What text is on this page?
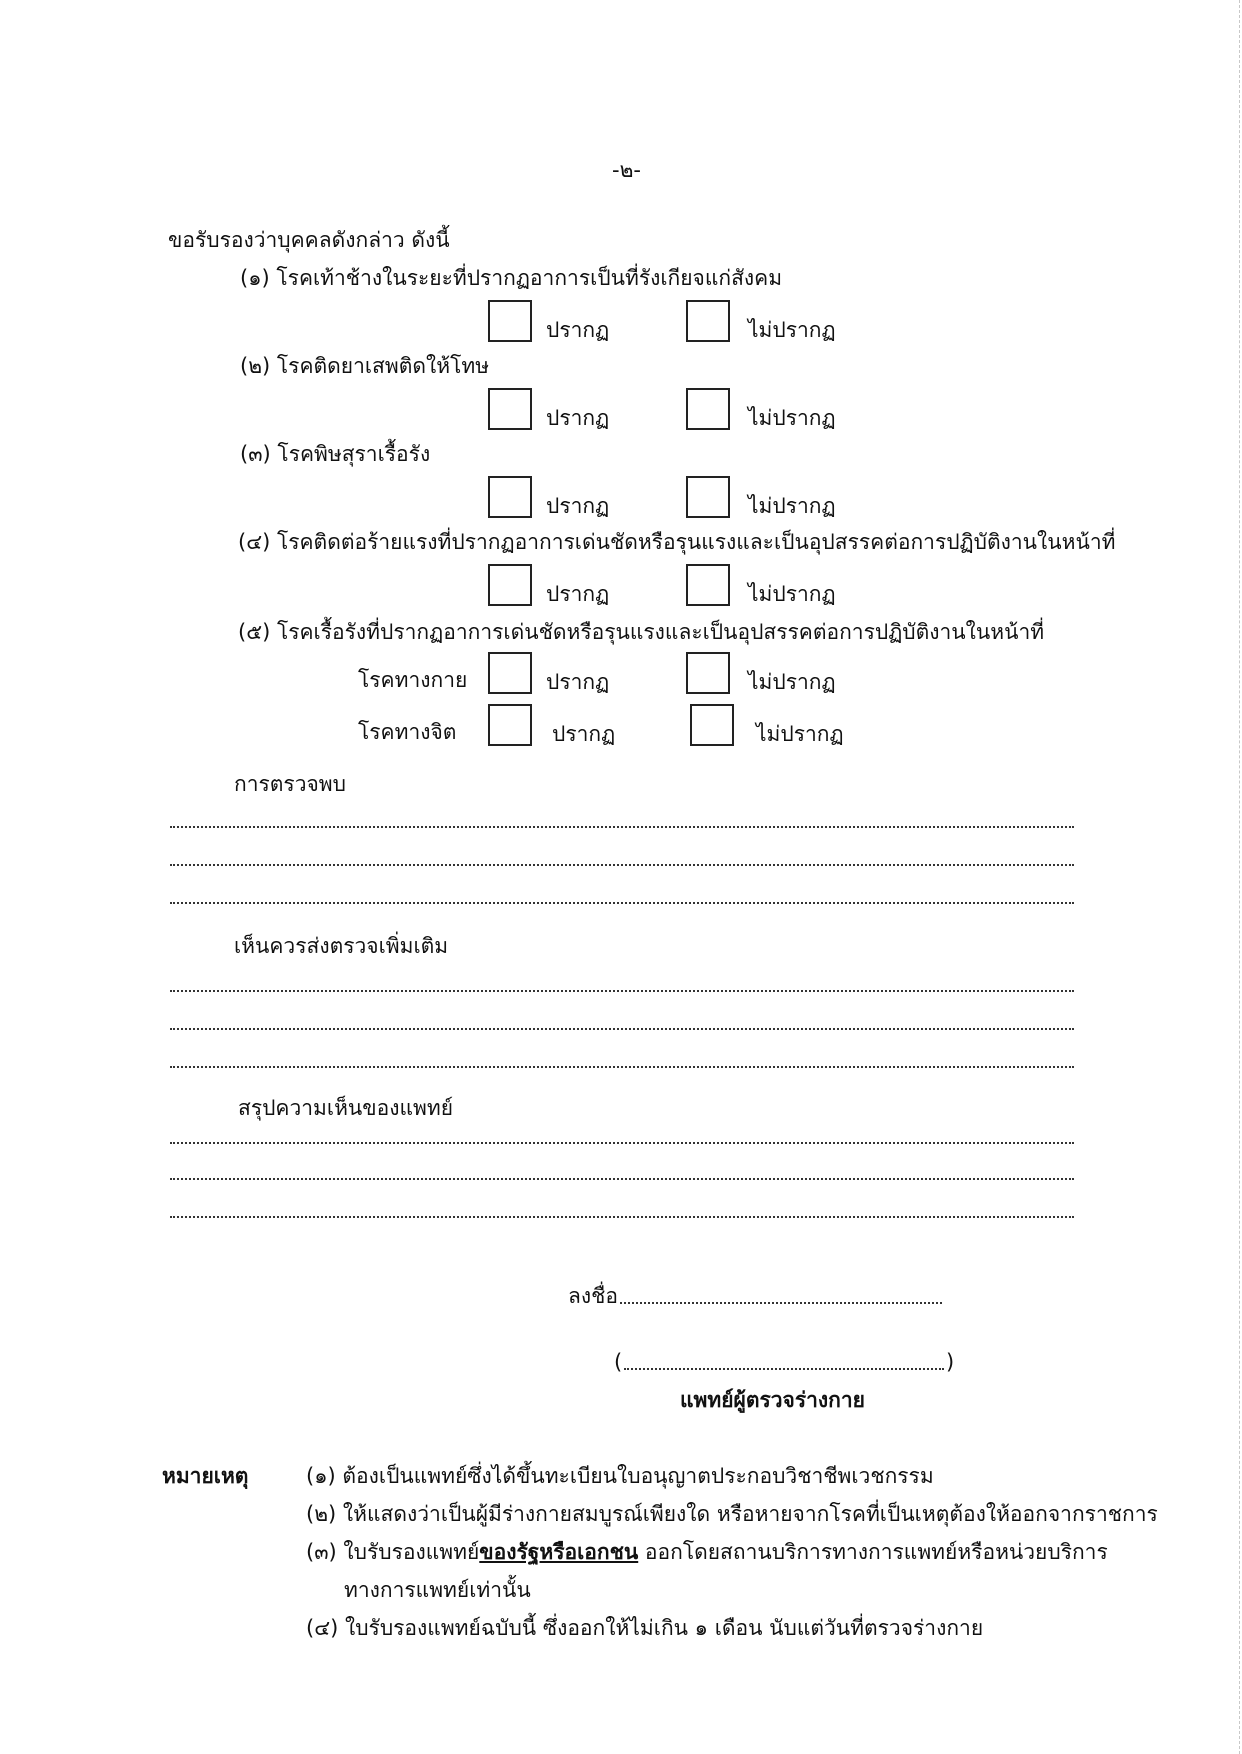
-๒-
ขอรับรองว่าบุคคลดังกล่าว ดังนี้
(๑) โรคเท้าช้างในระยะที่ปรากฏอาการเป็นที่รังเกียจแก่สังคม
ปรากฏ	ไม่ปรากฏ
(๒) โรคติดยาเสพติดให้โทษ
ปรากฏ	ไม่ปรากฏ
(๓) โรคพิษสุราเรื้อรัง
ปรากฏ	ไม่ปรากฏ
(๔) โรคติดต่อร้ายแรงที่ปรากฏอาการเด่นชัดหรือรุนแรงและเป็นอุปสรรคต่อการปฏิบัติงานในหน้าที่
ปรากฏ	ไม่ปรากฏ
(๕) โรคเรื้อรังที่ปรากฏอาการเด่นชัดหรือรุนแรงและเป็นอุปสรรคต่อการปฏิบัติงานในหน้าที่
โรคทางกาย	ปรากฏ	ไม่ปรากฏ
โรคทางจิต	ปรากฏ	ไม่ปรากฏ
การตรวจพบ
เห็นควรส่งตรวจเพิ่มเติม
สรุปความเห็นของแพทย์
ลงชื่อ
(	)
แพทย์ผู้ตรวจร่างกาย
หมายเหตุ	(๑) ต้องเป็นแพทย์ซึ่งได้ขึ้นทะเบียนใบอนุญาตประกอบวิชาชีพเวชกรรม
(๒) ให้แสดงว่าเป็นผู้มีร่างกายสมบูรณ์เพียงใด หรือหายจากโรคที่เป็นเหตุต้องให้ออกจากราชการ
(๓) ใบรับรองแพทย์ของรัฐหรือเอกชน ออกโดยสถานบริการทางการแพทย์หรือหน่วยบริการ
ทางการแพทย์เท่านั้น
(๔) ใบรับรองแพทย์ฉบับนี้ ซึ่งออกให้ไม่เกิน ๑ เดือน นับแต่วันที่ตรวจร่างกาย
